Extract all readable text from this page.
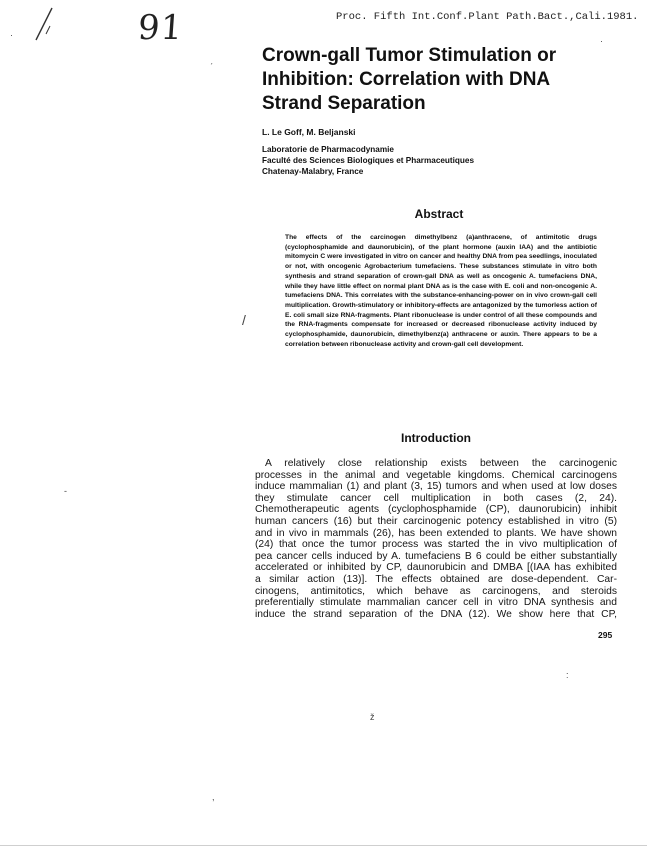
·
ˊ
/
-
:
ž
,
·
91	Proc. Fifth Int.Conf.Plant Path.Bact.,Cali.1981.
Crown-gall Tumor Stimulation or
Inhibition: Correlation with DNA
Strand Separation
L. Le Goff, M. Beljanski
Laboratorie de Pharmacodynamie
Faculté des Sciences Biologiques et Pharmaceutiques
Chatenay-Malabry, France
Abstract

The effects of the carcinogen dimethylbenz (a)anthracene, of antimitotic drugs (cyclophosphamide and daunorubicin), of the plant hormone (auxin IAA) and the antibiotic mitomycin C were investigated in vitro on cancer and healthy DNA from pea seedlings, inoculated or not, with oncogenic Agrobacterium tumefaciens. These substances stimulate in vitro both synthesis and strand separation of crown-gall DNA as well as oncogenic A. tumefaciens DNA, while they have little effect on normal plant DNA as is the case with E. coli and non-oncogenic A. tumefaciens DNA. This correlates with the substance-enhancing-power on in vivo crown-gall cell multiplication. Growth-stimulatory or inhibitory-effects are antagonized by the tumorless action of E. coli small size RNA-fragments. Plant ribonuclease is under control of all these compounds and the RNA-fragments compensate for increased or decreased ribonuclease activity induced by cyclophosphamide, daunorubicin, dimethylbenz(a) anthracene or auxin. There appears to be a correlation between ribonuclease activity and crown-gall cell development.

Introduction
A relatively close relationship exists between the carcinogenic
processes in the animal and vegetable kingdoms. Chemical carcinogens
induce mammalian (1) and plant (3, 15) tumors and when used at low doses
they stimulate cancer cell multiplication in both cases (2, 24).
Chemotherapeutic agents (cyclophosphamide (CP), daunorubicin) inhibit
human cancers (16) but their carcinogenic potency established in vitro (5)
and in vivo in mammals (26), has been extended to plants. We have shown
(24) that once the tumor process was started the in vivo multiplication of
pea cancer cells induced by A. tumefaciens B 6 could be either substantially
accelerated or inhibited by CP, daunorubicin and DMBA [(IAA has exhibited
a similar action (13)]. The effects obtained are dose-dependent. Car-
cinogens, antimitotics, which behave as carcinogens, and steroids
preferentially stimulate mammalian cancer cell in vitro DNA synthesis and
induce the strand separation of the DNA (12). We show here that CP,
295
